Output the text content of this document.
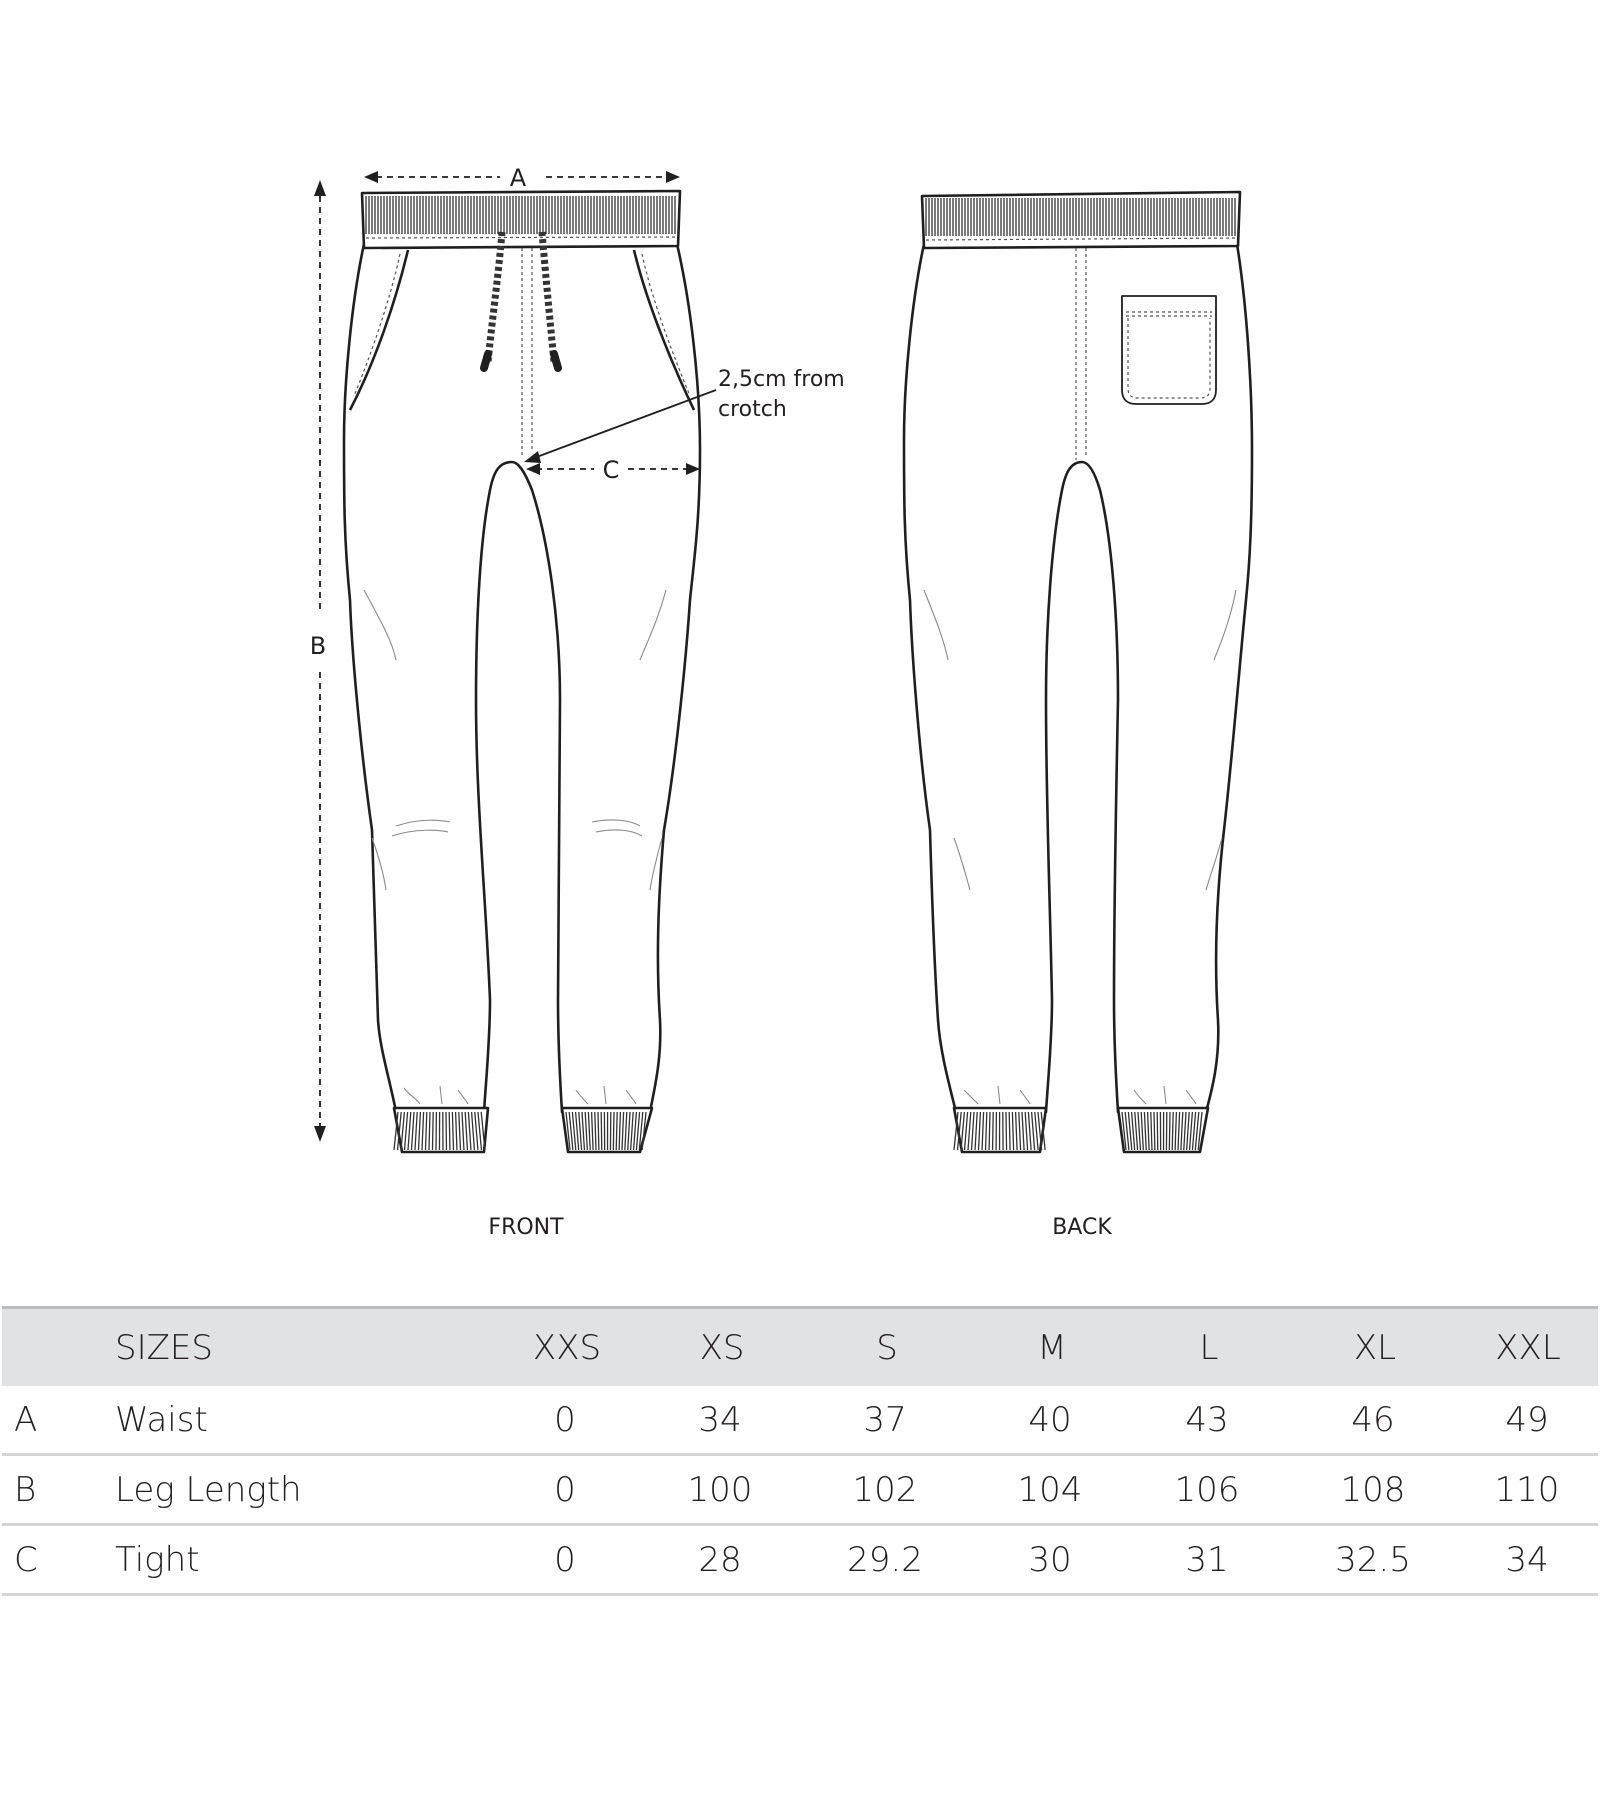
A
B
C
2,5cm from
crotch
FRONT	BACK
SIZES	XXS	XS	S	M	L	XL	XXL
A Waist	0	34	37	40	43	46	49
B Leg Length	0	100	102	104	106	108	110
C Tight	0	28	29.2	30	31	32.5	34
